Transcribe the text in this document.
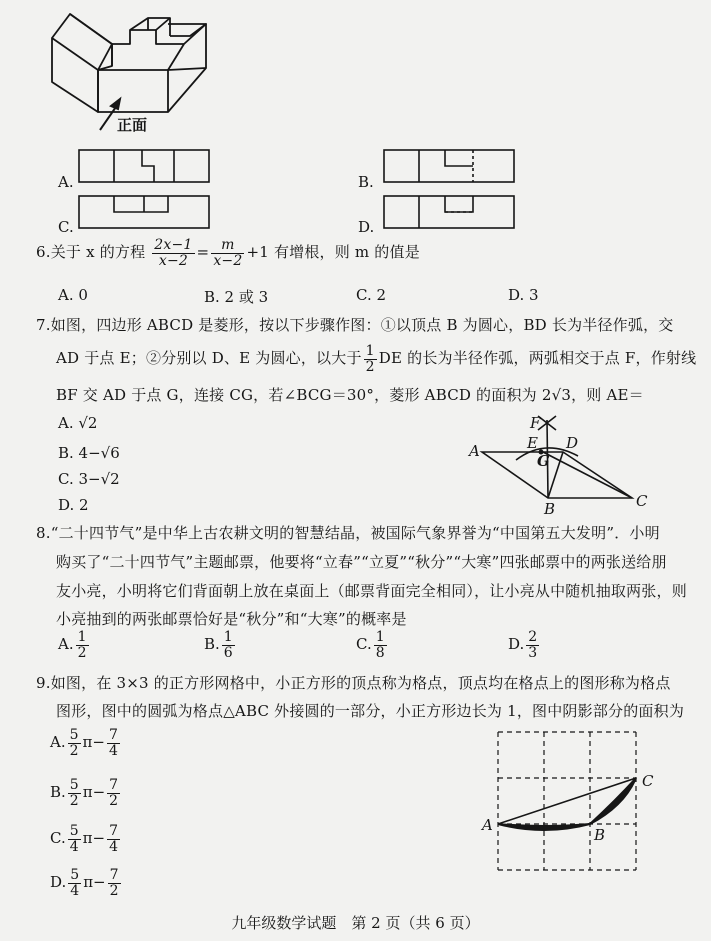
正面
A.	B.
C.	D.
6.关于 x 的方程 $\frac{2x-1}{x-2} = \frac{m}{x-2} +1$ 有增根，则 m 的值是
A. 0	B. 2 或 3	C. 2	D. 3
7.如图，四边形 ABCD 是菱形，按以下步骤作图：①以顶点 B 为圆心，BD 长为半径作弧，交
AD 于点 E；②分别以 D、E 为圆心，以大于 $\frac{1}{2}$ DE 的长为半径作弧，两弧相交于点 F，作射线
BF 交 AD 于点 G，连接 CG，若∠BCG＝30°，菱形 ABCD 的面积为 2√3，则 AE＝
A. √2
B. 4−√6
C. 3−√2
D. 2
A
B	C
D
E
F
G
8.“二十四节气”是中华上古农耕文明的智慧结晶，被国际气象界誉为“中国第五大发明”．小明
购买了“二十四节气”主题邮票，他要将“立春”“立夏”“秋分”“大寒”四张邮票中的两张送给朋
友小亮，小明将它们背面朝上放在桌面上（邮票背面完全相同），让小亮从中随机抽取两张，则
小亮抽到的两张邮票恰好是“秋分”和“大寒”的概率是
A. $\frac{1}{2}$	B. $\frac{1}{6}$	C. $\frac{1}{8}$	D. $\frac{2}{3}$
9.如图，在 3×3 的正方形网格中，小正方形的顶点称为格点，顶点均在格点上的图形称为格点
图形，图中的圆弧为格点△ABC 外接圆的一部分，小正方形边长为 1，图中阴影部分的面积为
A. $\frac{5}{2} \pi- \frac{7}{4}$
B. $\frac{5}{2} \pi- \frac{7}{2}$
C. $\frac{5}{4} \pi- \frac{7}{4}$
D. $\frac{5}{4} \pi- \frac{7}{2}$
A
B
C
九年级数学试题　第 2 页（共 6 页）
